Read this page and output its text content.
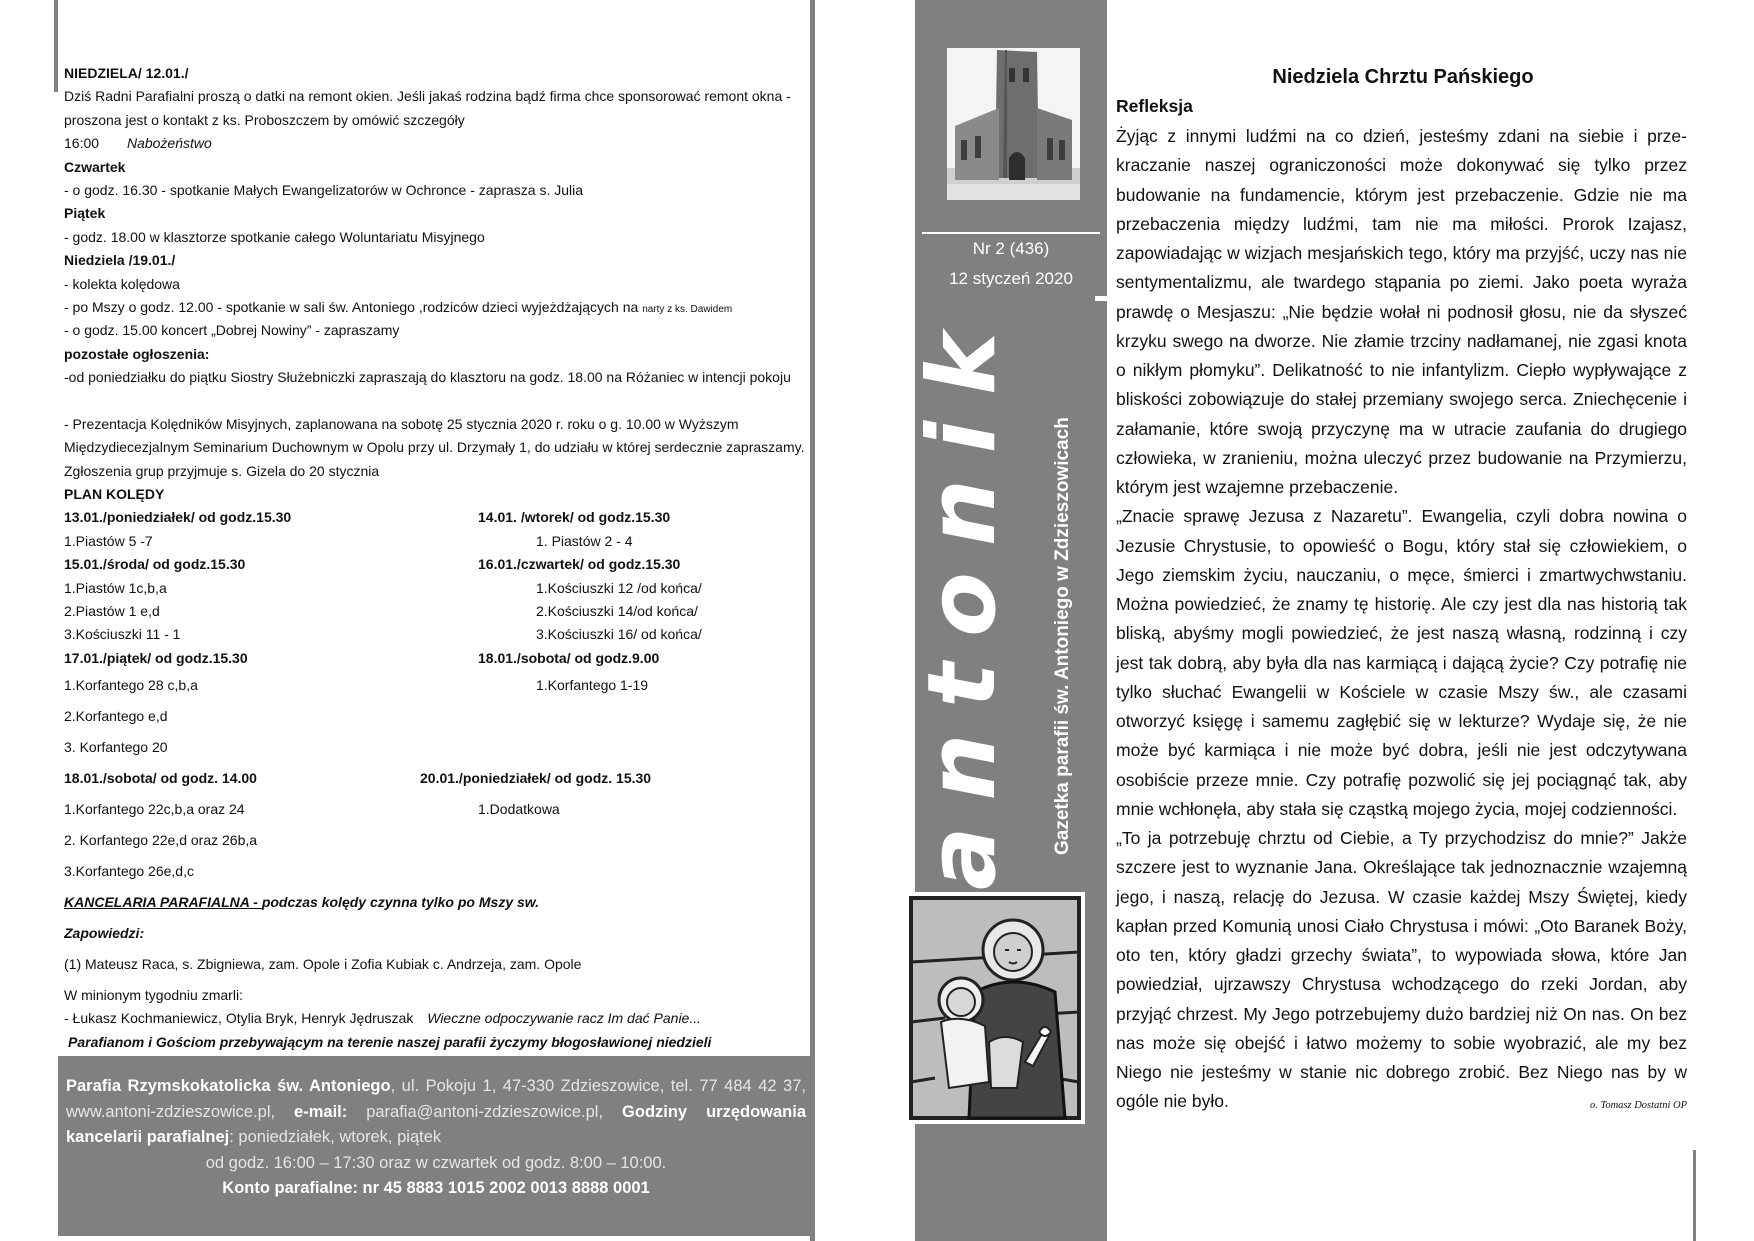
NIEDZIELA/ 12.01./
Dziś Radni Parafialni proszą o datki na remont okien. Jeśli jakaś rodzina bądź firma chce sponsorować remont okna - proszona jest o kontakt z ks. Proboszczem by omówić szczegóły
16:00 Nabożeństwo
Czwartek
- o godz. 16.30 - spotkanie Małych Ewangelizatorów w Ochronce - zaprasza s. Julia
Piątek
- godz. 18.00 w klasztorze spotkanie całego Woluntariatu Misyjnego
Niedziela /19.01./
- kolekta kolędowa
- po Mszy o godz. 12.00 - spotkanie w sali św. Antoniego ,rodziców dzieci wyjeżdżających na narty z ks. Dawidem
- o godz. 15.00 koncert „Dobrej Nowiny” - zapraszamy
pozostałe ogłoszenia:
-od poniedziałku do piątku Siostry Służebniczki zapraszają do klasztoru na godz. 18.00 na Różaniec w intencji pokoju
- Prezentacja Kolędników Misyjnych, zaplanowana na sobotę 25 stycznia 2020 r. roku o g. 10.00 w Wyższym Międzydiecezjalnym Seminarium Duchownym w Opolu przy ul. Drzymały 1, do udziału w której serdecznie zapraszamy. Zgłoszenia grup przyjmuje s. Gizela do 20 stycznia
PLAN KOLĘDY
13.01./poniedziałek/ od godz.15.30	14.01. /wtorek/ od godz.15.30
1.Piastów 5 -7	1. Piastów 2 - 4
15.01./środa/ od godz.15.30	16.01./czwartek/ od godz.15.30
1.Piastów 1c,b,a	1.Kościuszki 12 /od końca/
2.Piastów 1 e,d	2.Kościuszki 14/od końca/
3.Kościuszki 11 - 1	3.Kościuszki 16/ od końca/
17.01./piątek/ od godz.15.30	18.01./sobota/ od godz.9.00
1.Korfantego 28 c,b,a	1.Korfantego 1-19
2.Korfantego e,d
3. Korfantego 20
18.01./sobota/ od godz. 14.00	20.01./poniedziałek/ od godz. 15.30
1.Korfantego 22c,b,a oraz 24	1.Dodatkowa
2. Korfantego 22e,d oraz 26b,a
3.Korfantego 26e,d,c
KANCELARIA PARAFIALNA - podczas kolędy czynna tylko po Mszy sw.
Zapowiedzi:
(1) Mateusz Raca, s. Zbigniewa, zam. Opole i Zofia Kubiak c. Andrzeja, zam. Opole
W minionym tygodniu zmarli:
- Łukasz Kochmaniewicz, Otylia Bryk, Henryk Jędruszak Wieczne odpoczywanie racz Im dać Panie...
Parafianom i Gościom przebywającym na terenie naszej parafii życzymy błogosławionej niedzieli
Parafia Rzymskokatolicka św. Antoniego, ul. Pokoju 1, 47-330 Zdzieszowice, tel. 77 484 42 37, www.antoni-zdzieszowice.pl, e-mail: parafia@antoni-zdzieszowice.pl, Godziny urzędowania kancelarii parafialnej: poniedziałek, wtorek, piątek
od godz. 16:00 – 17:30 oraz w czwartek od godz. 8:00 – 10:00.
Konto parafialne: nr 45 8883 1015 2002 0013 8888 0001
Nr 2 (436)
12 styczeń 2020
antonik Gazetka parafii św. Antoniego w Zdzieszowicach
Niedziela Chrztu Pańskiego
Refleksja

Żyjąc z innymi ludźmi na co dzień, jesteśmy zdani na siebie i przekraczanie naszej ograniczoności może dokonywać się tylko przez budowanie na fundamencie, którym jest przebaczenie. Gdzie nie ma przebaczenia między ludźmi, tam nie ma miłości. Prorok Izajasz, zapowiadając w wizjach mesjańskich tego, który ma przyjść, uczy nas nie sentymentalizmu, ale twardego stąpania po ziemi. Jako poeta wyraża prawdę o Mesjaszu: „Nie będzie wołał ni podnosił głosu, nie da słyszeć krzyku swego na dworze. Nie złamie trzciny nadłamanej, nie zgasi knota o nikłym płomyku”. Delikatność to nie infantylizm. Ciepło wypływające z bliskości zobowiązuje do stałej przemiany swojego serca. Zniechęcenie i załamanie, które swoją przyczynę ma w utracie zaufania do drugiego człowieka, w zranieniu, można uleczyć przez budowanie na Przymierzu, którym jest wzajemne przebaczenie.

„Znacie sprawę Jezusa z Nazaretu”. Ewangelia, czyli dobra nowina o Jezusie Chrystusie, to opowieść o Bogu, który stał się człowiekiem, o Jego ziemskim życiu, nauczaniu, o męce, śmierci i zmartwychwstaniu. Można powiedzieć, że znamy tę historię. Ale czy jest dla nas historią tak bliską, abyśmy mogli powiedzieć, że jest naszą własną, rodzinną i czy jest tak dobrą, aby była dla nas karmiącą i dającą życie? Czy potrafię nie tylko słuchać Ewangelii w Kościele w czasie Mszy św., ale czasami otworzyć księgę i samemu zagłębić się w lekturze? Wydaje się, że nie może być karmiąca i nie może być dobra, jeśli nie jest odczytywana osobiście przeze mnie. Czy potrafię pozwolić się jej pociągnąć tak, aby mnie wchłonęła, aby stała się cząstką mojego życia, mojej codzienności.

„To ja potrzebuję chrztu od Ciebie, a Ty przychodzisz do mnie?” Jakże szczere jest to wyznanie Jana. Określające tak jednoznacznie wzajemną jego, i naszą, relację do Jezusa. W czasie każdej Mszy Świętej, kiedy kapłan przed Komunią unosi Ciało Chrystusa i mówi: „Oto Baranek Boży, oto ten, który gładzi grzechy świata”, to wypowiada słowa, które Jan powiedział, ujrzawszy Chrystusa wchodzącego do rzeki Jordan, aby przyjąć chrzest. My Jego potrzebujemy dużo bardziej niż On nas. On bez nas może się obejść i łatwo możemy to sobie wyobrazić, ale my bez Niego nie jesteśmy w stanie nic dobrego zrobić. Bez Niego nas by w ogóle nie było.	o. Tomasz Dostatni OP
